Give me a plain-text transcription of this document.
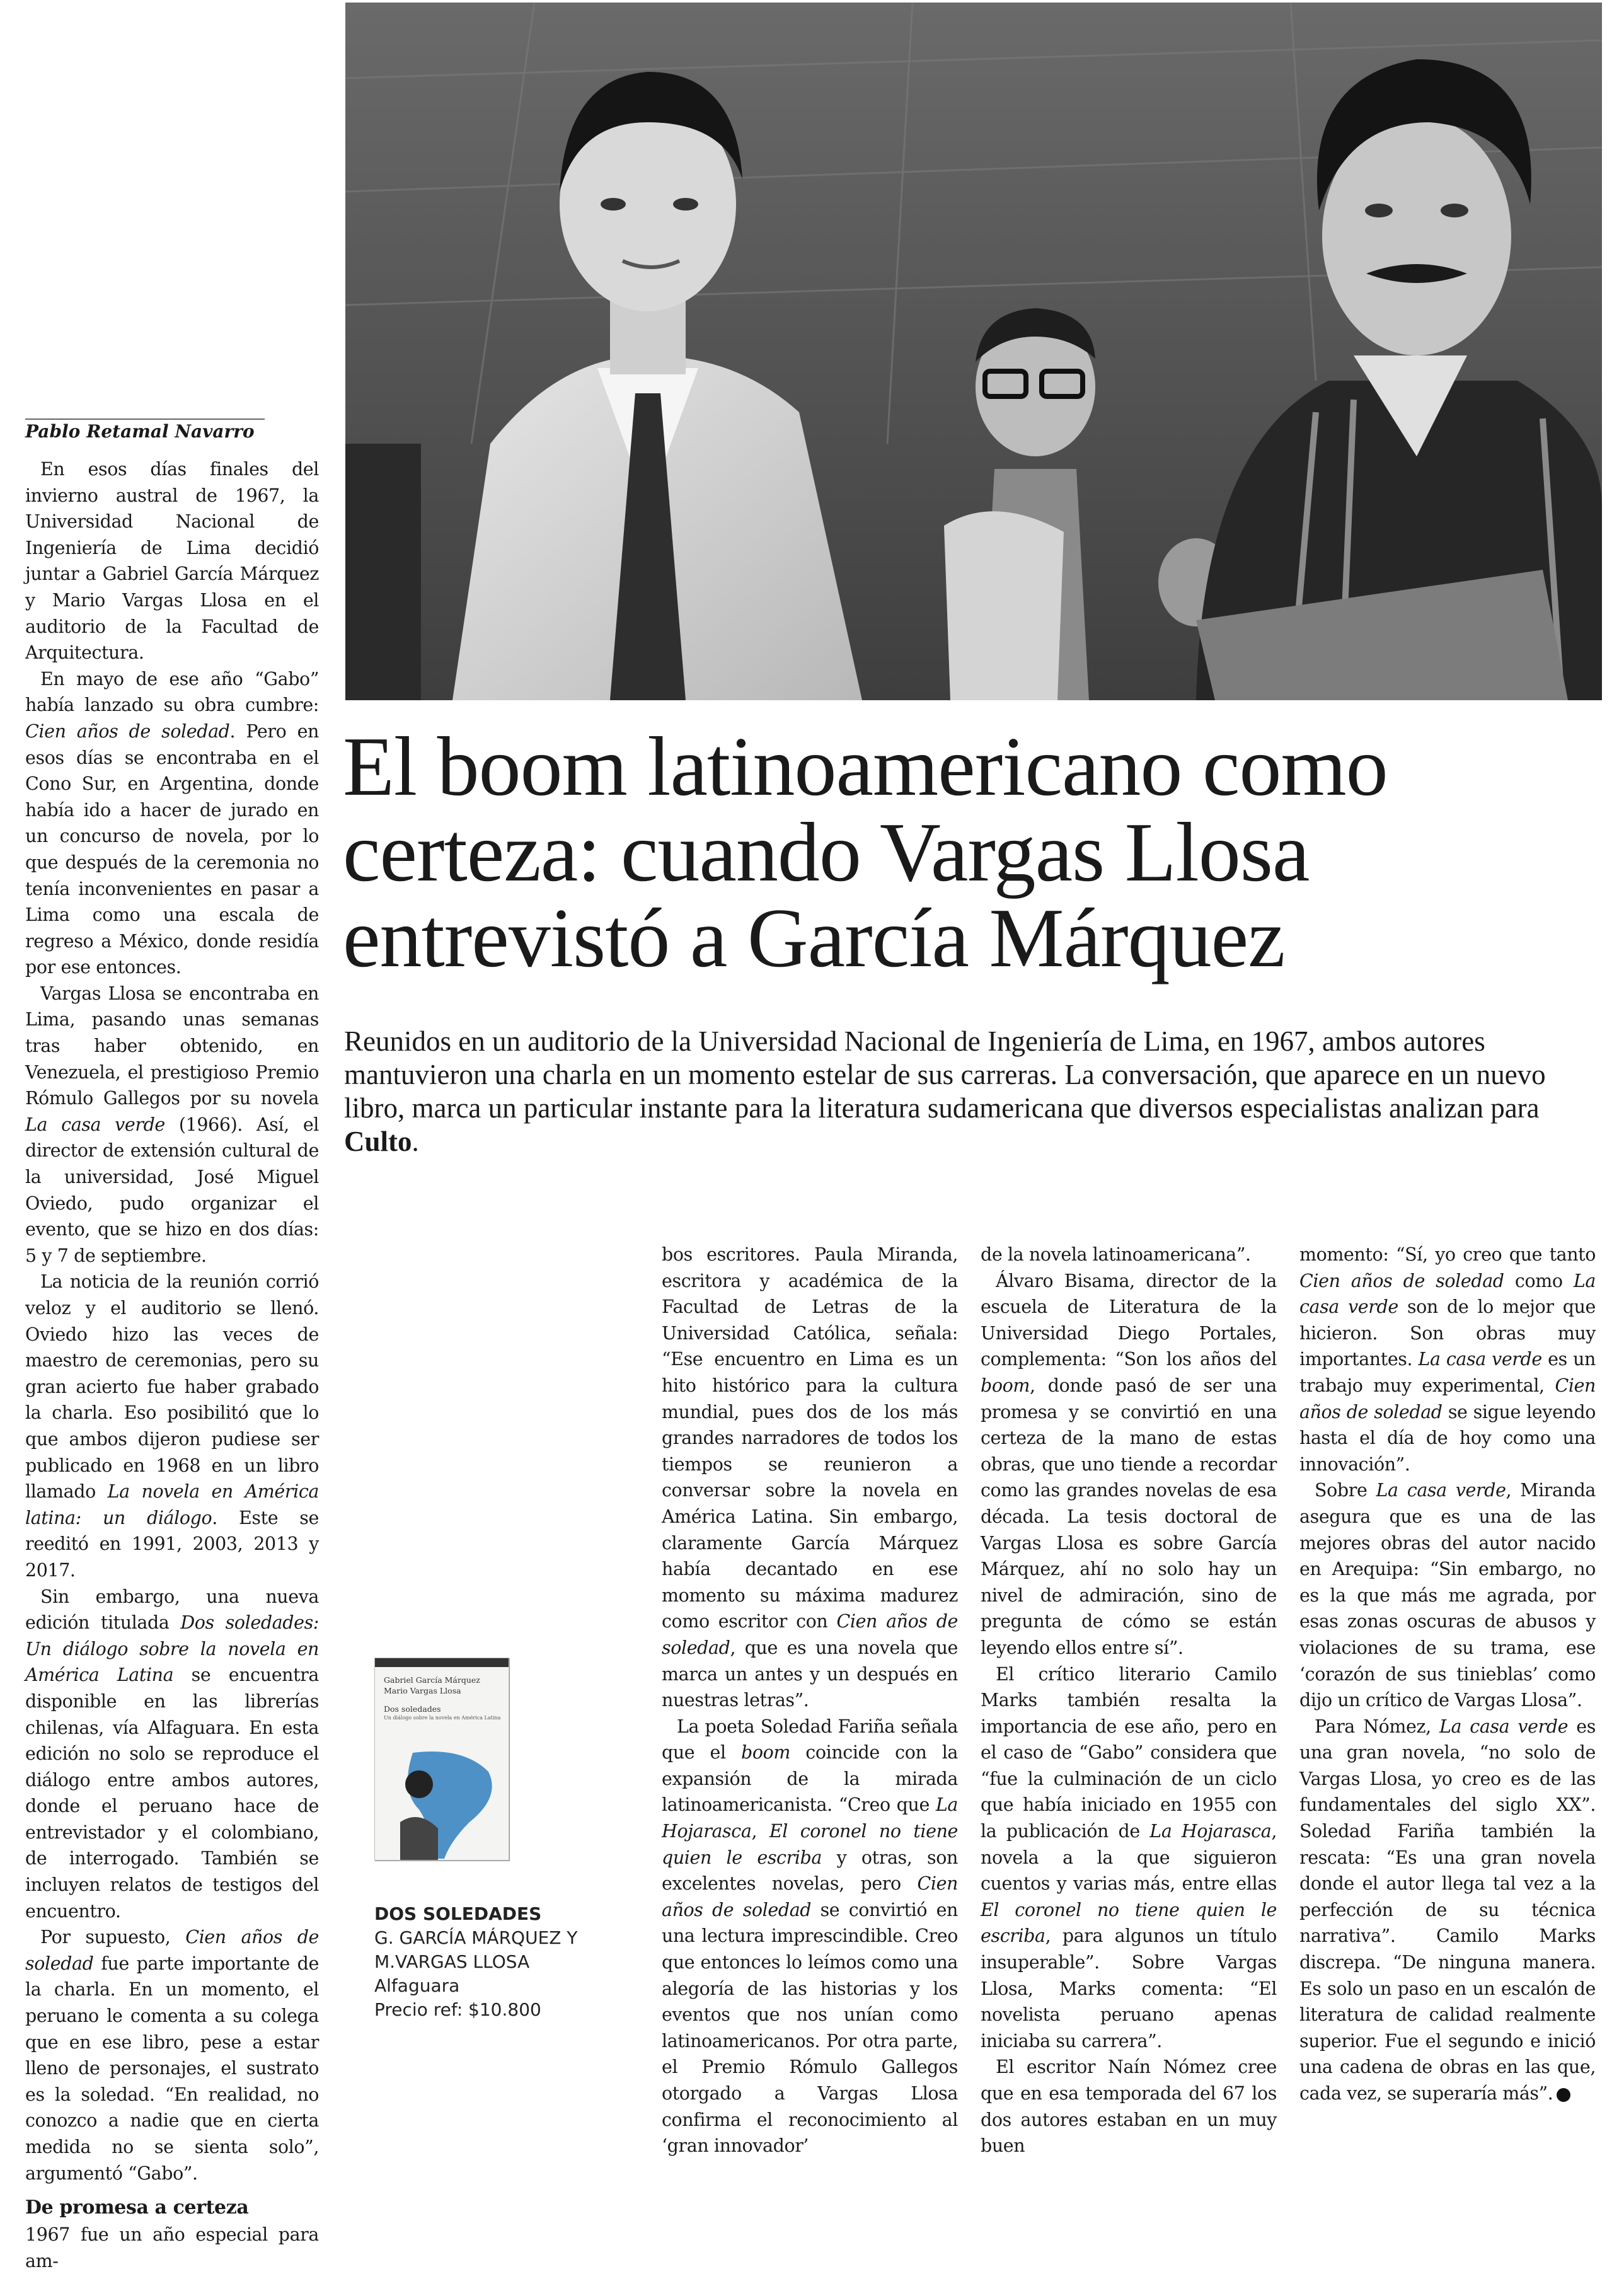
Pablo Retamal Navarro
El boom latinoamericano como certeza: cuando Vargas Llosa entrevistó a García Márquez
Reunidos en un auditorio de la Universidad Nacional de Ingeniería de Lima, en 1967, ambos autores mantuvieron una charla en un momento estelar de sus carreras. La conversación, que aparece en un nuevo libro, marca un particular instante para la literatura sudamericana que diversos especialistas analizan para Culto.

En esos días finales del invierno austral de 1967, la Universidad Nacional de Ingeniería de Lima decidió juntar a Gabriel García Márquez y Mario Vargas Llosa en el auditorio de la Facultad de Arquitectura.

En mayo de ese año “Gabo” había lanzado su obra cumbre: Cien años de soledad. Pero en esos días se encontraba en el Cono Sur, en Argentina, donde había ido a hacer de jurado en un concurso de novela, por lo que después de la ceremonia no tenía inconvenientes en pasar a Lima como una escala de regreso a México, donde residía por ese entonces.

Vargas Llosa se encontraba en Lima, pasando unas semanas tras haber obtenido, en Venezuela, el prestigioso Premio Rómulo Gallegos por su novela La casa verde (1966). Así, el director de extensión cultural de la universidad, José Miguel Oviedo, pudo organizar el evento, que se hizo en dos días: 5 y 7 de septiembre.

La noticia de la reunión corrió veloz y el auditorio se llenó. Oviedo hizo las veces de maestro de ceremonias, pero su gran acierto fue haber grabado la charla. Eso posibilitó que lo que ambos dijeron pudiese ser publicado en 1968 en un libro llamado La novela en América latina: un diálogo. Este se reeditó en 1991, 2003, 2013 y 2017.

Sin embargo, una nueva edición titulada Dos soledades: Un diálogo sobre la novela en América Latina se encuentra disponible en las librerías chilenas, vía Alfaguara. En esta edición no solo se reproduce el diálogo entre ambos autores, donde el peruano hace de entrevistador y el colombiano, de interrogado. También se incluyen relatos de testigos del encuentro.

Por supuesto, Cien años de soledad fue parte importante de la charla. En un momento, el peruano le comenta a su colega que en ese libro, pese a estar lleno de personajes, el sustrato es la soledad. “En realidad, no conozco a nadie que en cierta medida no se sienta solo”, argumentó “Gabo”.

De promesa a certeza

1967 fue un año especial para am-

bos escritores. Paula Miranda, escritora y académica de la Facultad de Letras de la Universidad Católica, señala: “Ese encuentro en Lima es un hito histórico para la cultura mundial, pues dos de los más grandes narradores de todos los tiempos se reunieron a conversar sobre la novela en América Latina. Sin embargo, claramente García Márquez había decantado en ese momento su máxima madurez como escritor con Cien años de soledad, que es una novela que marca un antes y un después en nuestras letras”.

La poeta Soledad Fariña señala que el boom coincide con la expansión de la mirada latinoamericanista. “Creo que La Hojarasca, El coronel no tiene quien le escriba y otras, son excelentes novelas, pero Cien años de soledad se convirtió en una lectura imprescindible. Creo que entonces lo leímos como una alegoría de las historias y los eventos que nos unían como latinoamericanos. Por otra parte, el Premio Rómulo Gallegos otorgado a Vargas Llosa confirma el reconocimiento al ‘gran innovador’

de la novela latinoamericana”.

Álvaro Bisama, director de la escuela de Literatura de la Universidad Diego Portales, complementa: “Son los años del boom, donde pasó de ser una promesa y se convirtió en una certeza de la mano de estas obras, que uno tiende a recordar como las grandes novelas de esa década. La tesis doctoral de Vargas Llosa es sobre García Márquez, ahí no solo hay un nivel de admiración, sino de pregunta de cómo se están leyendo ellos entre sí”.

El crítico literario Camilo Marks también resalta la importancia de ese año, pero en el caso de “Gabo” considera que “fue la culminación de un ciclo que había iniciado en 1955 con la publicación de La Hojarasca, novela a la que siguieron cuentos y varias más, entre ellas El coronel no tiene quien le escriba, para algunos un título insuperable”. Sobre Vargas Llosa, Marks comenta: “El novelista peruano apenas iniciaba su carrera”.

El escritor Naín Nómez cree que en esa temporada del 67 los dos autores estaban en un muy buen

momento: “Sí, yo creo que tanto Cien años de soledad como La casa verde son de lo mejor que hicieron. Son obras muy importantes. La casa verde es un trabajo muy experimental, Cien años de soledad se sigue leyendo hasta el día de hoy como una innovación”.

Sobre La casa verde, Miranda asegura que es una de las mejores obras del autor nacido en Arequipa: “Sin embargo, no es la que más me agrada, por esas zonas oscuras de abusos y violaciones de su trama, ese ‘corazón de sus tinieblas’ como dijo un crítico de Vargas Llosa”.

Para Nómez, La casa verde es una gran novela, “no solo de Vargas Llosa, yo creo es de las fundamentales del siglo XX”. Soledad Fariña también la rescata: “Es una gran novela donde el autor llega tal vez a la perfección de su técnica narrativa”. Camilo Marks discrepa. “De ninguna manera. Es solo un paso en un escalón de literatura de calidad realmente superior. Fue el segundo e inició una cadena de obras en las que, cada vez, se superaría más”.

Gabriel García Márquez
Mario Vargas Llosa
Dos soledades
Un diálogo sobre la novela en América Latina
DOS SOLEDADES
G. GARCÍA MÁRQUEZ Y
M.VARGAS LLOSA
Alfaguara
Precio ref: $10.800
